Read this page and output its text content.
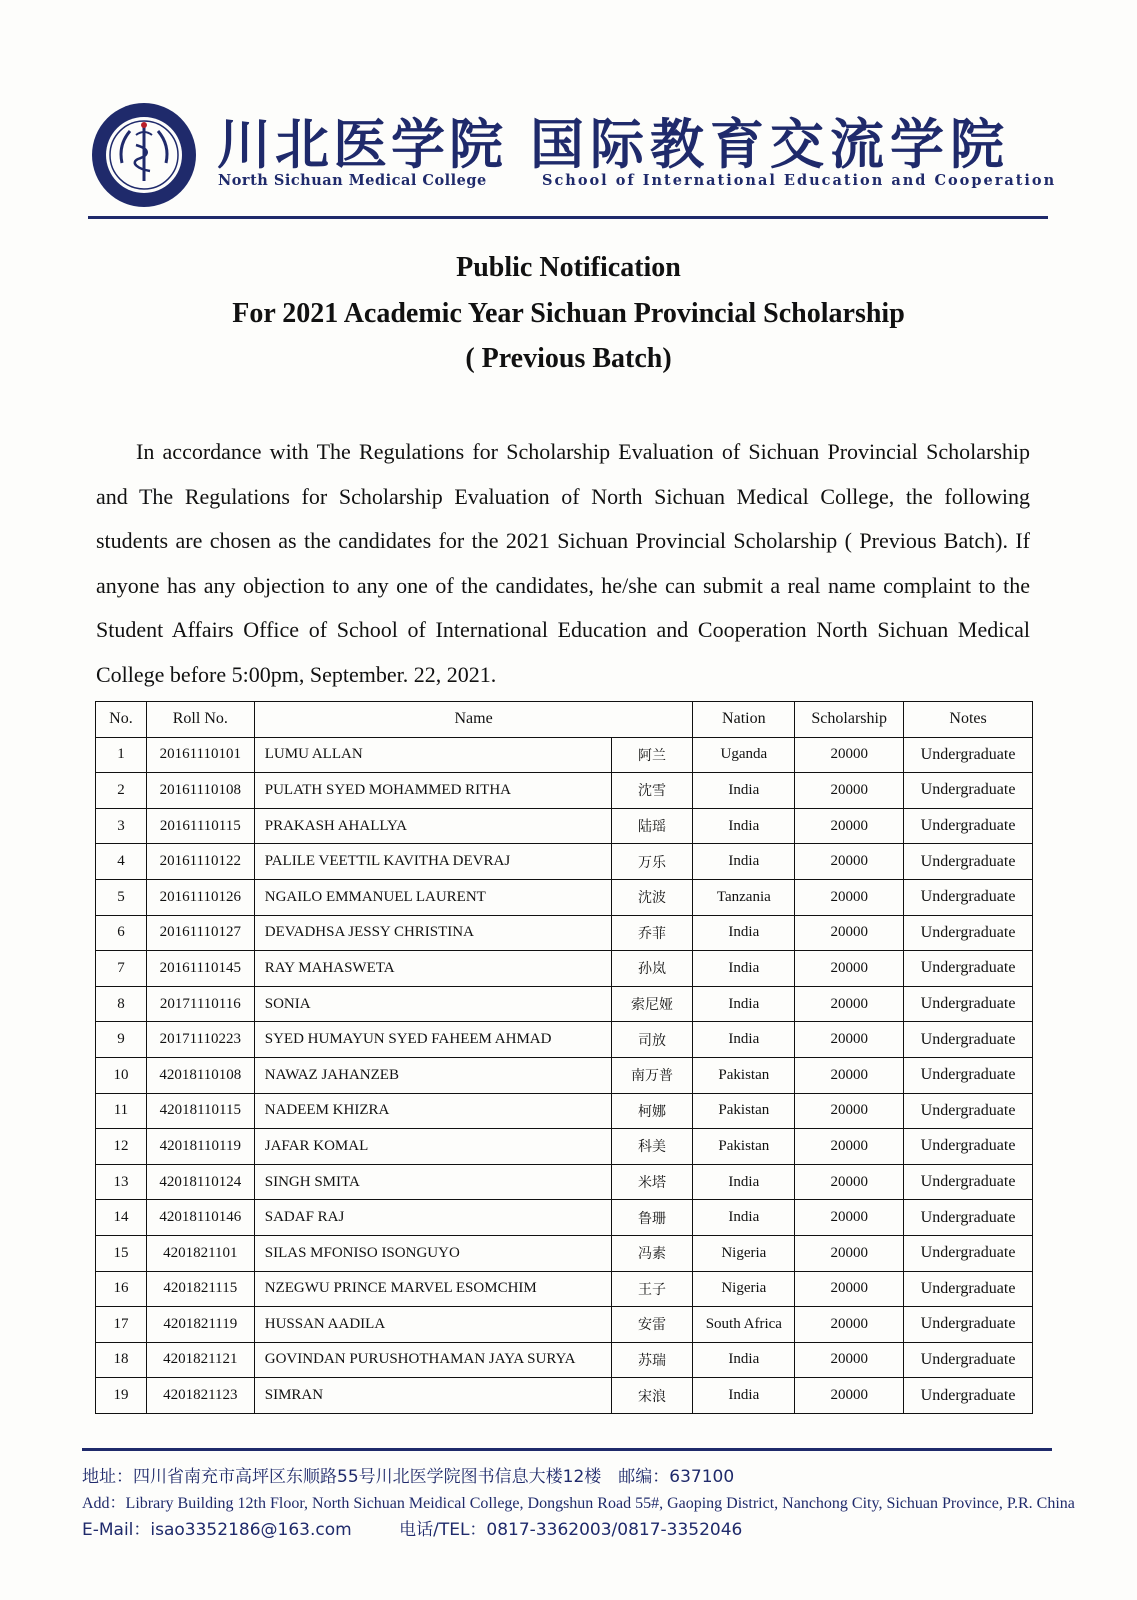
川北医学院 国际教育交流学院
North Sichuan Medical College	School of International Education and Cooperation
Public Notification
For 2021 Academic Year Sichuan Provincial Scholarship
( Previous Batch)

In accordance with The Regulations for Scholarship Evaluation of Sichuan Provincial Scholarship and The Regulations for Scholarship Evaluation of North Sichuan Medical College, the following students are chosen as the candidates for the 2021 Sichuan Provincial Scholarship ( Previous Batch). If anyone has any objection to any one of the candidates, he/she can submit a real name complaint to the Student Affairs Office of School of International Education and Cooperation North Sichuan Medical College before 5:00pm, September. 22, 2021.

No.	Roll No.	Name		Nation	Scholarship	Notes
1	20161110101	LUMU ALLAN	阿兰	Uganda	20000	Undergraduate
2	20161110108	PULATH SYED MOHAMMED RITHA	沈雪	India	20000	Undergraduate
3	20161110115	PRAKASH AHALLYA	陆瑶	India	20000	Undergraduate
4	20161110122	PALILE VEETTIL KAVITHA DEVRAJ	万乐	India	20000	Undergraduate
5	20161110126	NGAILO EMMANUEL LAURENT	沈波	Tanzania	20000	Undergraduate
6	20161110127	DEVADHSA JESSY CHRISTINA	乔菲	India	20000	Undergraduate
7	20161110145	RAY MAHASWETA	孙岚	India	20000	Undergraduate
8	20171110116	SONIA	索尼娅	India	20000	Undergraduate
9	20171110223	SYED HUMAYUN SYED FAHEEM AHMAD	司放	India	20000	Undergraduate
10	42018110108	NAWAZ JAHANZEB	南万普	Pakistan	20000	Undergraduate
11	42018110115	NADEEM KHIZRA	柯娜	Pakistan	20000	Undergraduate
12	42018110119	JAFAR KOMAL	科美	Pakistan	20000	Undergraduate
13	42018110124	SINGH SMITA	米塔	India	20000	Undergraduate
14	42018110146	SADAF RAJ	鲁珊	India	20000	Undergraduate
15	4201821101	SILAS MFONISO ISONGUYO	冯素	Nigeria	20000	Undergraduate
16	4201821115	NZEGWU PRINCE MARVEL ESOMCHIM	王子	Nigeria	20000	Undergraduate
17	4201821119	HUSSAN AADILA	安雷	South Africa	20000	Undergraduate
18	4201821121	GOVINDAN PURUSHOTHAMAN JAYA SURYA	苏瑞	India	20000	Undergraduate
19	4201821123	SIMRAN	宋浪	India	20000	Undergraduate
地址：四川省南充市高坪区东顺路55号川北医学院图书信息大楼12楼　邮编：637100
Add：Library Building 12th Floor, North Sichuan Meidical College, Dongshun Road 55#, Gaoping District, Nanchong City, Sichuan Province, P.R. China
E-Mail：isao3352186@163.com	电话/TEL：0817-3362003/0817-3352046
